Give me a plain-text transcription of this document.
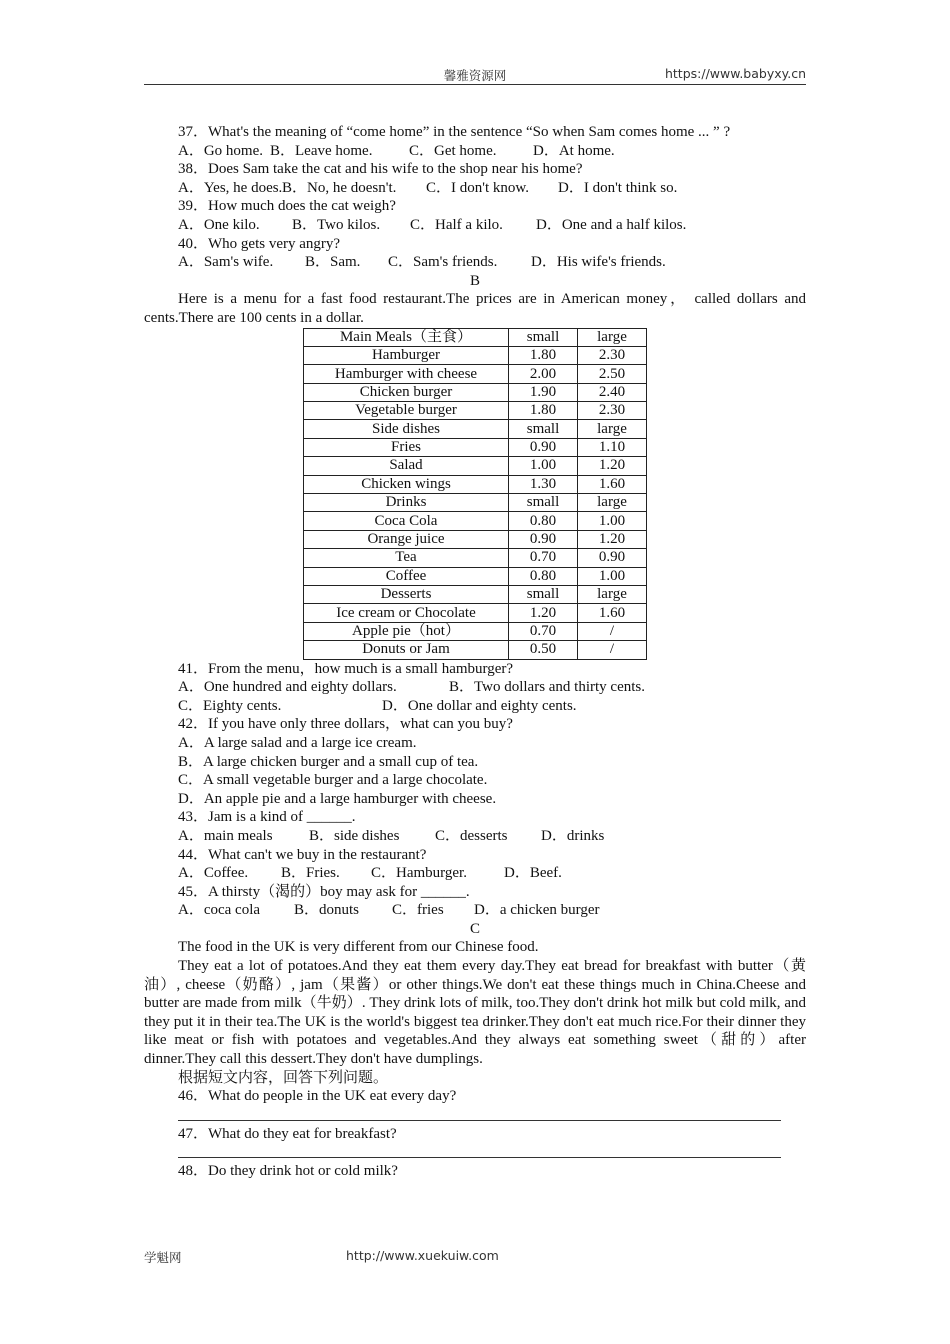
馨雅资源网	https://www.babyxy.cn
37．What's the meaning of “come home” in the sentence “So when Sam comes home ... ” ?
A．Go home. B．Leave home. C．Get home. D．At home.
38．Does Sam take the cat and his wife to the shop near his home?
A．Yes, he does.B．No, he doesn't. C．I don't know. D．I don't think so.
39．How much does the cat weigh?
A．One kilo. B．Two kilos. C．Half a kilo. D．One and a half kilos.
40．Who gets very angry?
A．Sam's wife. B．Sam. C．Sam's friends. D．His wife's friends.
B

Here is a menu for a fast food restaurant.The prices are in American money， called dollars and cents.There are 100 cents in a dollar.

Main Meals（主食）	small	large
Hamburger	1.80	2.30
Hamburger with cheese	2.00	2.50
Chicken burger	1.90	2.40
Vegetable burger	1.80	2.30
Side dishes	small	large
Fries	0.90	1.10
Salad	1.00	1.20
Chicken wings	1.30	1.60
Drinks	small	large
Coca Cola	0.80	1.00
Orange juice	0.90	1.20
Tea	0.70	0.90
Coffee	0.80	1.00
Desserts	small	large
Ice cream or Chocolate	1.20	1.60
Apple pie（hot）	0.70	/
Donuts or Jam	0.50	/
41．From the menu，how much is a small hamburger?
A．One hundred and eighty dollars.	B．Two dollars and thirty cents.
C．Eighty cents.	D．One dollar and eighty cents.
42．If you have only three dollars，what can you buy?
A．A large salad and a large ice cream.
B．A large chicken burger and a small cup of tea.
C．A small vegetable burger and a large chocolate.
D．An apple pie and a large hamburger with cheese.
43．Jam is a kind of ______.
A．main meals B．side dishes C．desserts D．drinks
44．What can't we buy in the restaurant?
A．Coffee. B．Fries. C．Hamburger. D．Beef.
45．A thirsty（渴的）boy may ask for ______.
A．coca cola B．donuts C．fries D．a chicken burger
C

The food in the UK is very different from our Chinese food.

They eat a lot of potatoes.And they eat them every day.They eat bread for breakfast with butter（黄油）, cheese（奶酪）, jam（果酱）or other things.We don't eat these things much in China.Cheese and butter are made from milk（牛奶）. They drink lots of milk, too.They don't drink hot milk but cold milk, and they put it in their tea.The UK is the world's biggest tea drinker.They don't eat much rice.For their dinner they like meat or fish with potatoes and vegetables.And they always eat something sweet（甜的）after dinner.They call this dessert.They don't have dumplings.

根据短文内容，回答下列问题。
46．What do people in the UK eat every day?
47．What do they eat for breakfast?
48．Do they drink hot or cold milk?
学魁网	http://www.xuekuiw.com
